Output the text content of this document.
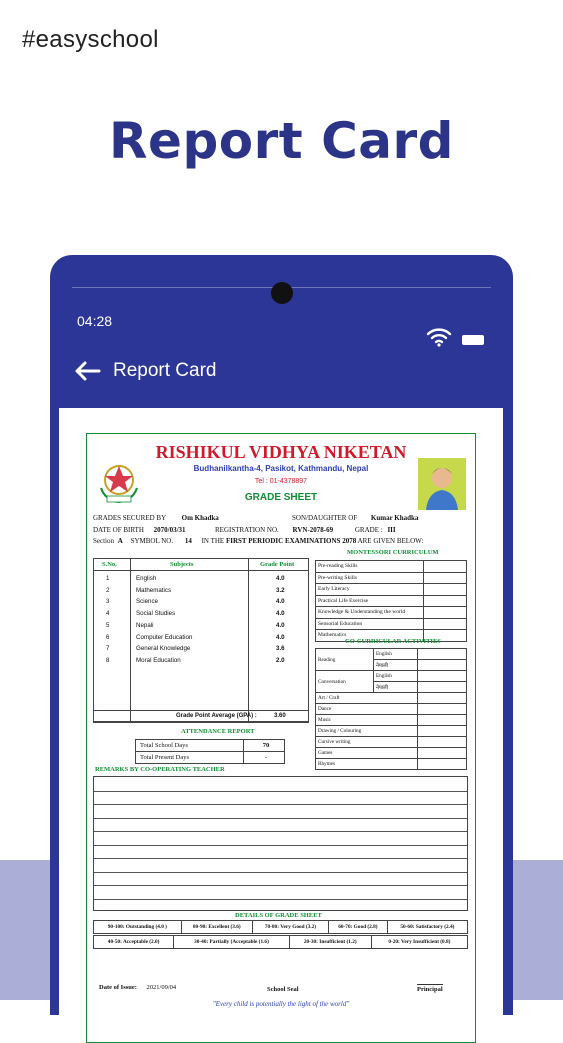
#easyschool
Report Card
04:28
Report Card
RISHIKUL VIDHYA NIKETAN
Budhanilkantha-4, Pasikot, Kathmandu, Nepal
Tel : 01-4378897
GRADE SHEET
GRADES SECURED BY Om Khadka	SON/DAUGHTER OF Kumar Khadka
DATE OF BIRTH 2070/03/31	REGISTRATION NO. RVN-2078-69	GRADE : III
Section A SYMBOL NO. 14 IN THE FIRST PERIODIC EXAMINATIONS 2078 ARE GIVEN BELOW:
S.No.	Subjects	Grade Point
1	English	4.0
2	Mathematics	3.2
3	Science	4.0
4	Social Studies	4.0
5	Nepali	4.0
6	Computer Education	4.0
7	General Knowledge	3.6
8	Moral Education	2.0
Grade Point Average (GPA) :	3.60
ATTENDANCE REPORT
Total School Days	70
Total Present Days	-
MONTESSORI CURRICULUM
Pre-reading Skills	
Pre-writing Skills	
Early Literacy	
Practical Life Exercise	
Knowledge & Understanding the world	
Sensorial Education	
Mathematics	
CO-CURRICULAR ACTIVITIES
Reading	English	
	नेपाली	
Conversation	English	
	नेपाली	
Art / Craft		
Dance		
Music		
Drawing / Colouring		
Cursive writing		
Games		
Rhymes		
REMARKS BY CO-OPERATING TEACHER
DETAILS OF GRADE SHEET
90-100: Outstanding (4.0 )	80-90: Excellent (3.6)	70-80: Very Good (3.2)	60-70: Good (2.8)	50-60: Satisfactory (2.4)
40-50: Acceptable (2.0)	30-40: Partially (Acceptable (1.6)	20-30: Insufficient (1.2)	0-20: Very Insufficient (0.8)
Date of Issue: 2021/09/04	School Seal	Principal
"Every child is potentially the light of the world"
